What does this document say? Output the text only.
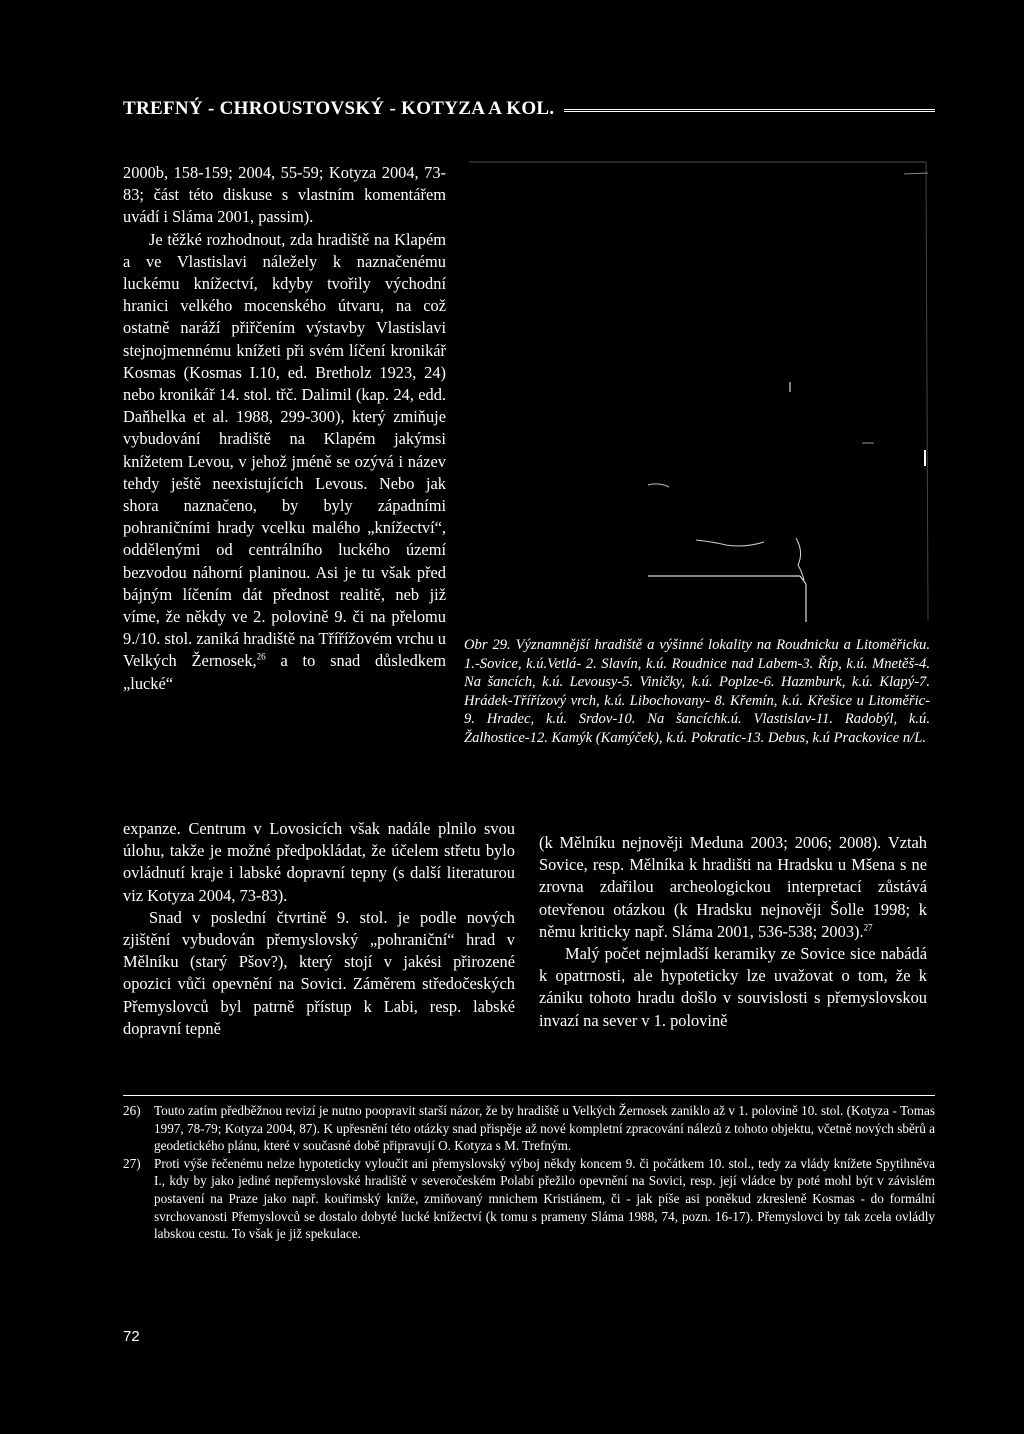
TREFNÝ - CHROUSTOVSKÝ - KOTYZA A KOL.

2000b, 158-159; 2004, 55-59; Kotyza 2004, 73-83; část této diskuse s vlastním komentářem uvádí i Sláma 2001, passim).

Je těžké rozhodnout, zda hradiště na Klapém a ve Vlastislavi náležely k naznačenému luckému knížectví, kdyby tvořily východní hranici velkého mocenského útvaru, na což ostatně naráží přiřčením výstavby Vlastislavi stejnojmennému knížeti při svém líčení kronikář Kosmas (Kosmas I.10, ed. Bretholz 1923, 24) nebo kronikář 14. stol. třč. Dalimil (kap. 24, edd. Daňhelka et al. 1988, 299-300), který zmiňuje vybudování hradiště na Klapém jakýmsi knížetem Levou, v jehož jméně se ozývá i název tehdy ještě neexistujících Levous. Nebo jak shora naznačeno, by byly západními pohraničními hrady vcelku malého „knížectví“, oddělenými od centrálního luckého území bezvodou náhorní planinou. Asi je tu však před bájným líčením dát přednost realitě, neb již víme, že někdy ve 2. polovině 9. či na přelomu 9./10. stol. zaniká hradiště na Třířížovém vrchu u Velkých Žernosek,$^{26}$ a to snad důsledkem „lucké“

Obr 29. Významnější hradiště a výšinné lokality na Roudnicku a Litoměřicku. 1.-Sovice, k.ú.Vetlá- 2. Slavín, k.ú. Roudnice nad Labem-3. Říp, k.ú. Mnetěš-4. Na šancích, k.ú. Levousy-5. Viničky, k.ú. Poplze-6. Hazmburk, k.ú. Klapý-7. Hrádek-Třířízový vrch, k.ú. Libochovany- 8. Křemín, k.ú. Křešice u Litoměřic-9. Hradec, k.ú. Srdov-10. Na šancíchk.ú. Vlastislav-11. Radobýl, k.ú. Žalhostice-12. Kamýk (Kamýček), k.ú. Pokratic-13. Debus, k.ú Prackovice n/L.

expanze. Centrum v Lovosicích však nadále plnilo svou úlohu, takže je možné předpokládat, že účelem střetu bylo ovládnutí kraje i labské dopravní tepny (s další literaturou viz Kotyza 2004, 73-83).

Snad v poslední čtvrtině 9. stol. je podle nových zjištění vybudován přemyslovský „pohraniční“ hrad v Mělníku (starý Pšov?), který stojí v jakési přirozené opozici vůči opevnění na Sovici. Záměrem středočeských Přemyslovců byl patrně přístup k Labi, resp. labské dopravní tepně

(k Mělníku nejnověji Meduna 2003; 2006; 2008). Vztah Sovice, resp. Mělníka k hradišti na Hradsku u Mšena s ne zrovna zdařilou archeologickou interpretací zůstává otevřenou otázkou (k Hradsku nejnověji Šolle 1998; k němu kriticky např. Sláma 2001, 536-538; 2003).$^{27}$

Malý počet nejmladší keramiky ze Sovice sice nabádá k opatrnosti, ale hypoteticky lze uvažovat o tom, že k zániku tohoto hradu došlo v souvislosti s přemyslovskou invazí na sever v 1. polovině

26)	Touto zatím předběžnou revizí je nutno poopravit starší názor, že by hradiště u Velkých Žernosek zaniklo až v 1. polovině 10. stol. (Kotyza - Tomas 1997, 78-79; Kotyza 2004, 87). K upřesnění této otázky snad přispěje až nové kompletní zpracování nálezů z tohoto objektu, včetně nových sběrů a geodetického plánu, které v současné době připravují O. Kotyza s M. Trefným.
27)	Proti výše řečenému nelze hypoteticky vyloučit ani přemyslovský výboj někdy koncem 9. či počátkem 10. stol., tedy za vlády knížete Spytihněva I., kdy by jako jediné nepřemyslovské hradiště v severočeském Polabí přežilo opevnění na Sovici, resp. její vládce by poté mohl být v závislém postavení na Praze jako např. kouřimský kníže, zmiňovaný mnichem Kristiánem, či - jak píše asi poněkud zkresleně Kosmas - do formální svrchovanosti Přemyslovců se dostalo dobyté lucké knížectví (k tomu s prameny Sláma 1988, 74, pozn. 16-17). Přemyslovci by tak zcela ovládly labskou cestu. To však je již spekulace.
72
